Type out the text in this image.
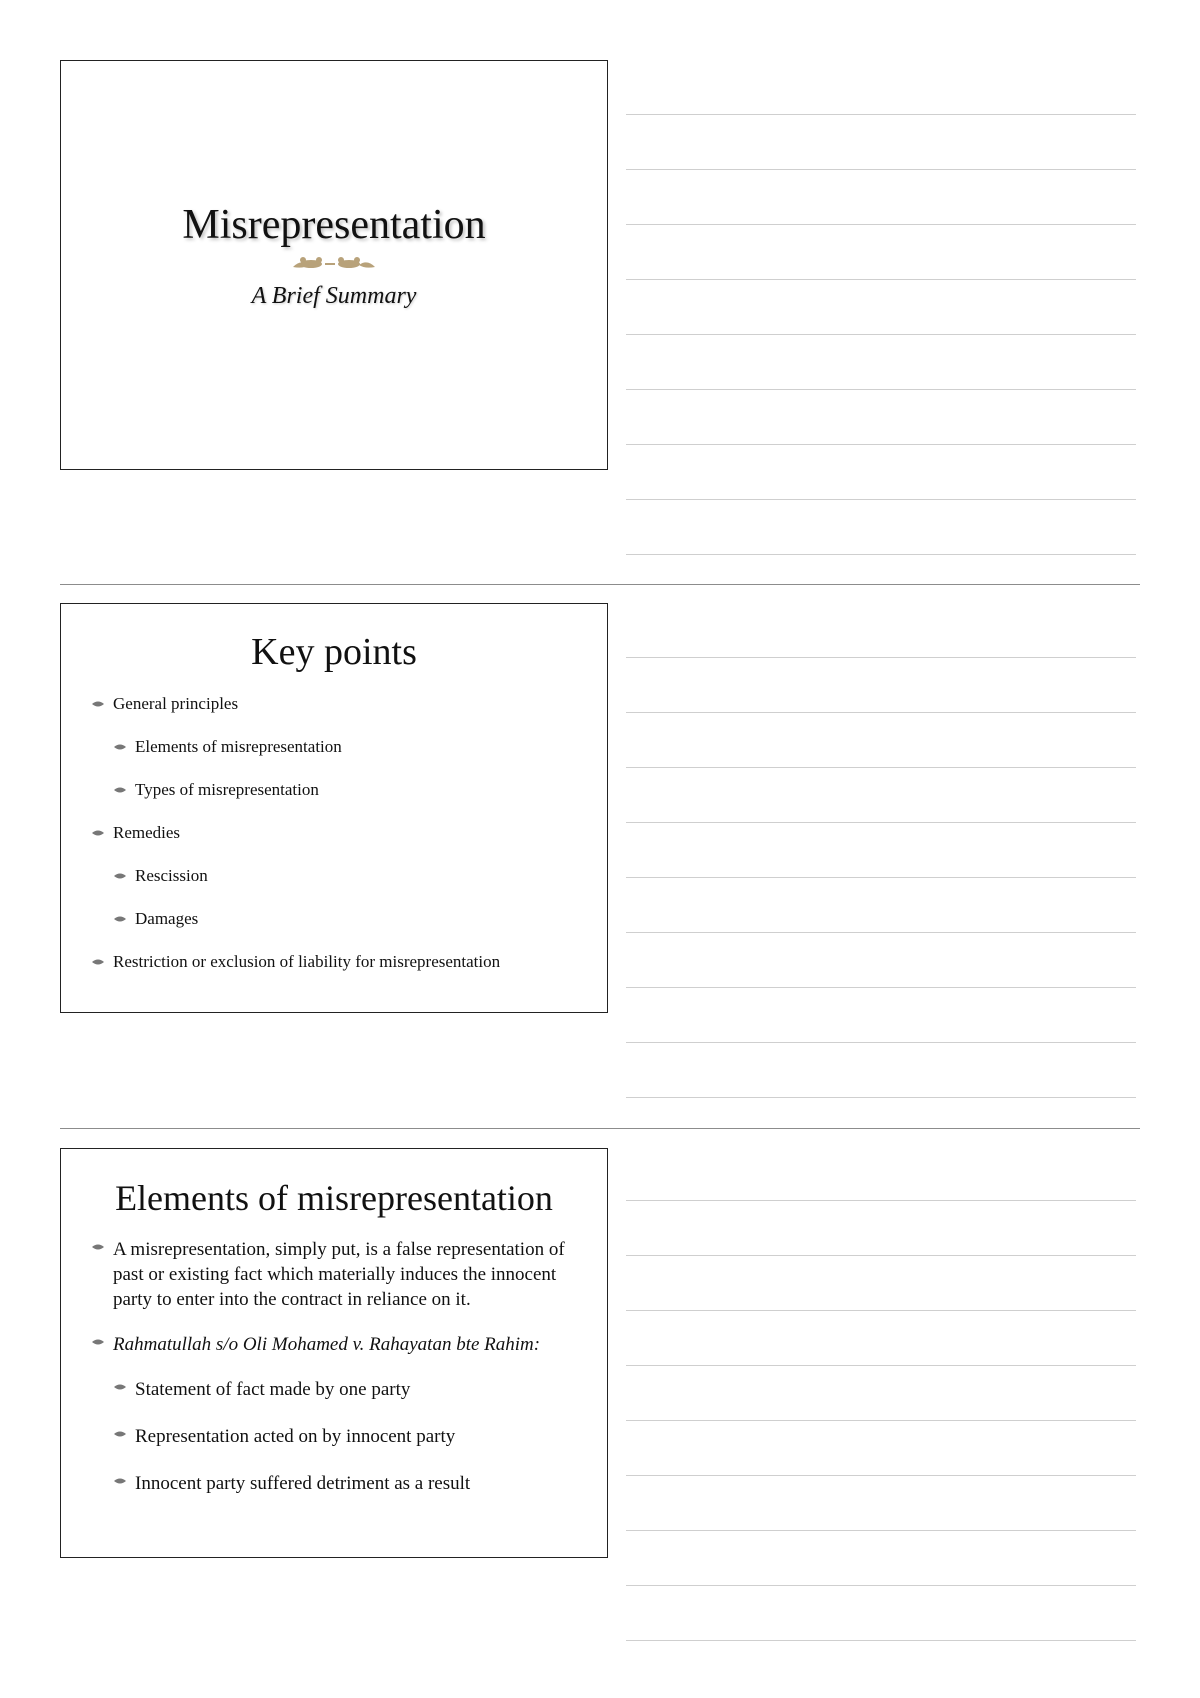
Misrepresentation
A Brief Summary
Key points
General principles
Elements of misrepresentation
Types of misrepresentation
Remedies
Rescission
Damages
Restriction or exclusion of liability for misrepresentation
Elements of misrepresentation
A misrepresentation, simply put, is a false representation of past or existing fact which materially induces the innocent party to enter into the contract in reliance on it.
Rahmatullah s/o Oli Mohamed v. Rahayatan bte Rahim:
Statement of fact made by one party
Representation acted on by innocent party
Innocent party suffered detriment as a result
